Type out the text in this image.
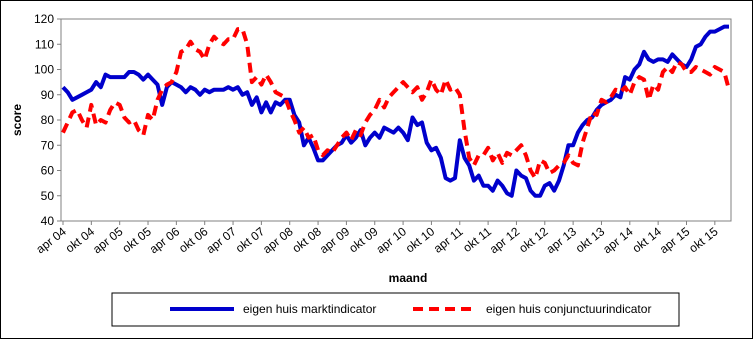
40
50
60
70
80
90
100
110
120
apr 04
okt 04
apr 05
okt 05
apr 06
okt 06
apr 07
okt 07
apr 08
okt 08
apr 09
okt 09
apr 10
okt 10
apr 11
okt 11
apr 12
okt 12
apr 13
okt 13
apr 14
okt 14
apr 15
okt 15
score
maand
eigen huis marktindicator	eigen huis conjunctuurindicator
